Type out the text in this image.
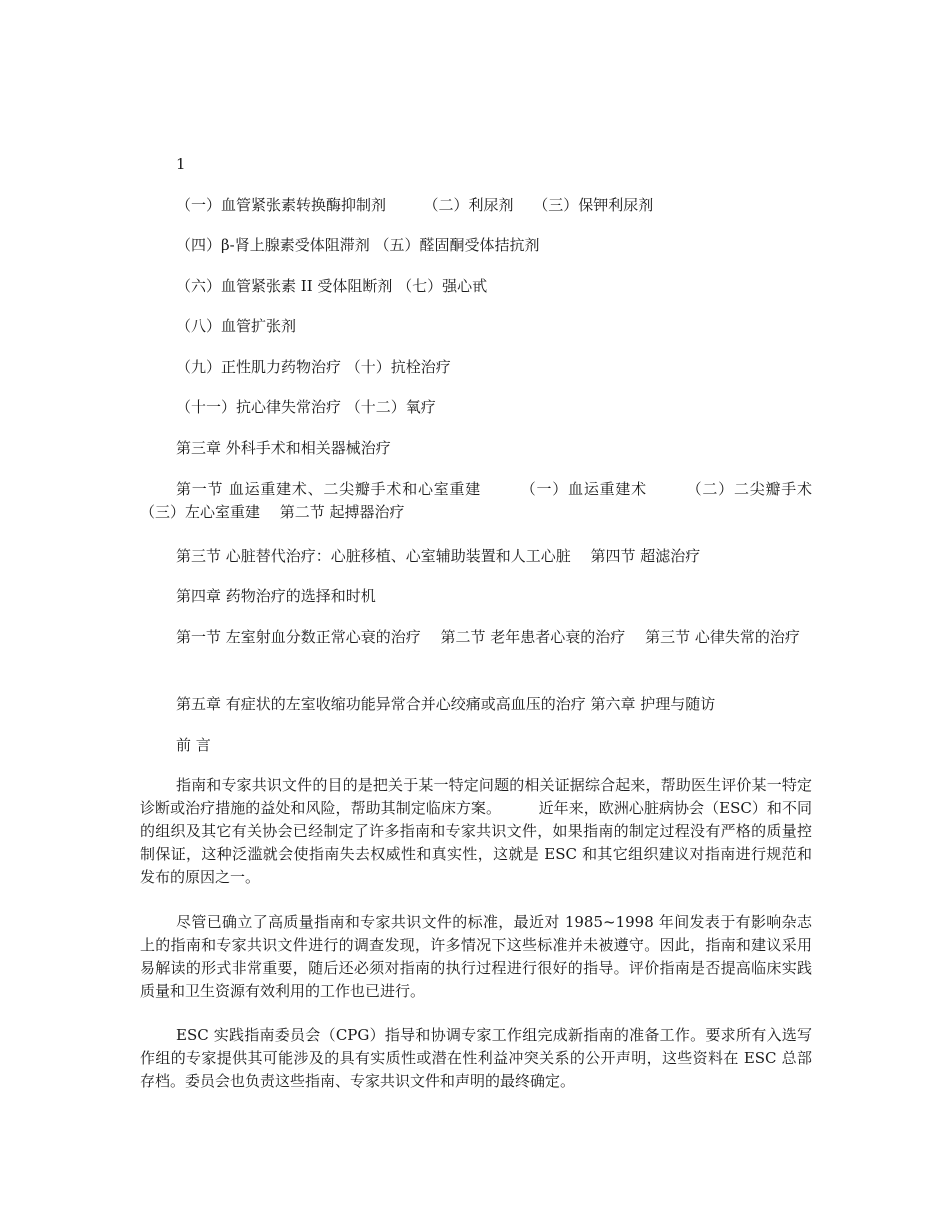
1
（一）血管紧张素转换酶抑制剂　　　（二）利尿剂　 （三）保钾利尿剂
（四）β-肾上腺素受体阻滞剂 （五）醛固酮受体拮抗剂
（六）血管紧张素 II 受体阻断剂 （七）强心甙
（八）血管扩张剂
（九）正性肌力药物治疗 （十）抗栓治疗
（十一）抗心律失常治疗 （十二）氧疗
第三章 外科手术和相关器械治疗
第一节 血运重建术、二尖瓣手术和心室重建　　　（一）血运重建术　　　（二）二尖瓣手术　　　（三）左心室重建　 第二节 起搏器治疗
第三节 心脏替代治疗：心脏移植、心室辅助装置和人工心脏　 第四节 超滤治疗
第四章 药物治疗的选择和时机
第一节 左室射血分数正常心衰的治疗　 第二节 老年患者心衰的治疗　 第三节 心律失常的治疗
第五章 有症状的左室收缩功能异常合并心绞痛或高血压的治疗 第六章 护理与随访
前 言
指南和专家共识文件的目的是把关于某一特定问题的相关证据综合起来，帮助医生评价某一特定诊断或治疗措施的益处和风险，帮助其制定临床方案。　　　近年来，欧洲心脏病协会（ESC）和不同的组织及其它有关协会已经制定了许多指南和专家共识文件，如果指南的制定过程没有严格的质量控制保证，这种泛滥就会使指南失去权威性和真实性，这就是 ESC 和其它组织建议对指南进行规范和发布的原因之一。
尽管已确立了高质量指南和专家共识文件的标准，最近对 1985~1998 年间发表于有影响杂志上的指南和专家共识文件进行的调查发现，许多情况下这些标准并未被遵守。因此，指南和建议采用易解读的形式非常重要，随后还必须对指南的执行过程进行很好的指导。评价指南是否提高临床实践质量和卫生资源有效利用的工作也已进行。
ESC 实践指南委员会（CPG）指导和协调专家工作组完成新指南的准备工作。要求所有入选写作组的专家提供其可能涉及的具有实质性或潜在性利益冲突关系的公开声明，这些资料在 ESC 总部存档。委员会也负责这些指南、专家共识文件和声明的最终确定。
